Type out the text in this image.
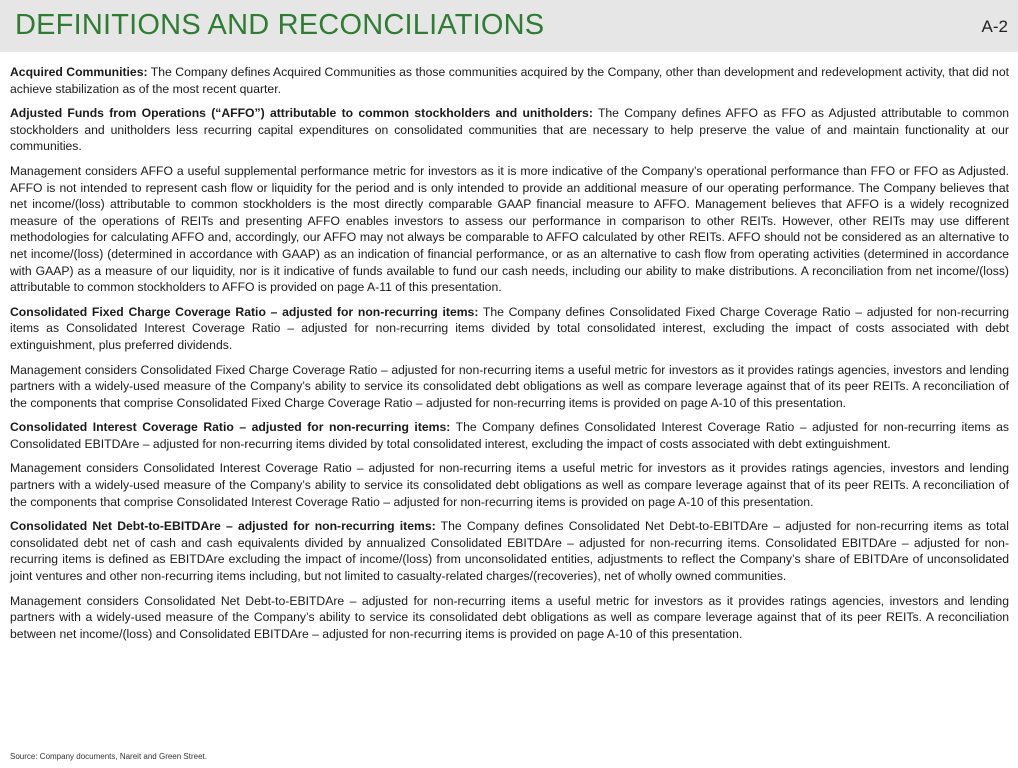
DEFINITIONS AND RECONCILIATIONS	A-2

Acquired Communities: The Company defines Acquired Communities as those communities acquired by the Company, other than development and redevelopment activity, that did not achieve stabilization as of the most recent quarter.

Adjusted Funds from Operations (“AFFO”) attributable to common stockholders and unitholders: The Company defines AFFO as FFO as Adjusted attributable to common stockholders and unitholders less recurring capital expenditures on consolidated communities that are necessary to help preserve the value of and maintain functionality at our communities.

Management considers AFFO a useful supplemental performance metric for investors as it is more indicative of the Company’s operational performance than FFO or FFO as Adjusted. AFFO is not intended to represent cash flow or liquidity for the period and is only intended to provide an additional measure of our operating performance. The Company believes that net income/(loss) attributable to common stockholders is the most directly comparable GAAP financial measure to AFFO. Management believes that AFFO is a widely recognized measure of the operations of REITs and presenting AFFO enables investors to assess our performance in comparison to other REITs. However, other REITs may use different methodologies for calculating AFFO and, accordingly, our AFFO may not always be comparable to AFFO calculated by other REITs. AFFO should not be considered as an alternative to net income/(loss) (determined in accordance with GAAP) as an indication of financial performance, or as an alternative to cash flow from operating activities (determined in accordance with GAAP) as a measure of our liquidity, nor is it indicative of funds available to fund our cash needs, including our ability to make distributions. A reconciliation from net income/(loss) attributable to common stockholders to AFFO is provided on page A-11 of this presentation.

Consolidated Fixed Charge Coverage Ratio – adjusted for non-recurring items: The Company defines Consolidated Fixed Charge Coverage Ratio – adjusted for non-recurring items as Consolidated Interest Coverage Ratio – adjusted for non-recurring items divided by total consolidated interest, excluding the impact of costs associated with debt extinguishment, plus preferred dividends.

Management considers Consolidated Fixed Charge Coverage Ratio – adjusted for non-recurring items a useful metric for investors as it provides ratings agencies, investors and lending partners with a widely-used measure of the Company’s ability to service its consolidated debt obligations as well as compare leverage against that of its peer REITs. A reconciliation of the components that comprise Consolidated Fixed Charge Coverage Ratio – adjusted for non-recurring items is provided on page A-10 of this presentation.

Consolidated Interest Coverage Ratio – adjusted for non-recurring items: The Company defines Consolidated Interest Coverage Ratio – adjusted for non-recurring items as Consolidated EBITDAre – adjusted for non-recurring items divided by total consolidated interest, excluding the impact of costs associated with debt extinguishment.

Management considers Consolidated Interest Coverage Ratio – adjusted for non-recurring items a useful metric for investors as it provides ratings agencies, investors and lending partners with a widely-used measure of the Company’s ability to service its consolidated debt obligations as well as compare leverage against that of its peer REITs. A reconciliation of the components that comprise Consolidated Interest Coverage Ratio – adjusted for non-recurring items is provided on page A-10 of this presentation.

Consolidated Net Debt-to-EBITDAre – adjusted for non-recurring items: The Company defines Consolidated Net Debt-to-EBITDAre – adjusted for non-recurring items as total consolidated debt net of cash and cash equivalents divided by annualized Consolidated EBITDAre – adjusted for non-recurring items. Consolidated EBITDAre – adjusted for non-recurring items is defined as EBITDAre excluding the impact of income/(loss) from unconsolidated entities, adjustments to reflect the Company’s share of EBITDAre of unconsolidated joint ventures and other non-recurring items including, but not limited to casualty-related charges/(recoveries), net of wholly owned communities.

Management considers Consolidated Net Debt-to-EBITDAre – adjusted for non-recurring items a useful metric for investors as it provides ratings agencies, investors and lending partners with a widely-used measure of the Company’s ability to service its consolidated debt obligations as well as compare leverage against that of its peer REITs. A reconciliation between net income/(loss) and Consolidated EBITDAre – adjusted for non-recurring items is provided on page A-10 of this presentation.

Source: Company documents, Nareit and Green Street.
